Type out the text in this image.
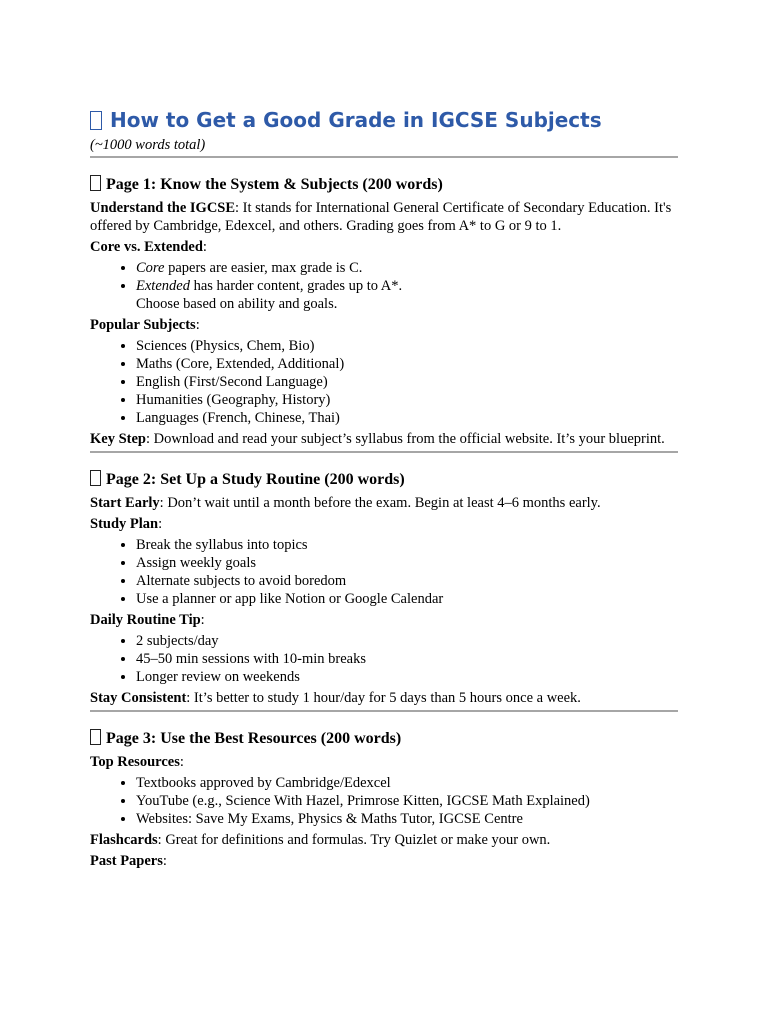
How to Get a Good Grade in IGCSE Subjects

(~1000 words total)

Page 1: Know the System & Subjects (200 words)

Understand the IGCSE: It stands for International General Certificate of Secondary Education. It's offered by Cambridge, Edexcel, and others. Grading goes from A* to G or 9 to 1.

Core vs. Extended:

• Core papers are easier, max grade is C.
• Extended has harder content, grades up to A*.
Choose based on ability and goals.

Popular Subjects:

• Sciences (Physics, Chem, Bio)
• Maths (Core, Extended, Additional)
• English (First/Second Language)
• Humanities (Geography, History)
• Languages (French, Chinese, Thai)

Key Step: Download and read your subject’s syllabus from the official website. It’s your blueprint.

Page 2: Set Up a Study Routine (200 words)

Start Early: Don’t wait until a month before the exam. Begin at least 4–6 months early.

Study Plan:

• Break the syllabus into topics
• Assign weekly goals
• Alternate subjects to avoid boredom
• Use a planner or app like Notion or Google Calendar

Daily Routine Tip:

• 2 subjects/day
• 45–50 min sessions with 10-min breaks
• Longer review on weekends

Stay Consistent: It’s better to study 1 hour/day for 5 days than 5 hours once a week.

Page 3: Use the Best Resources (200 words)

Top Resources:

• Textbooks approved by Cambridge/Edexcel
• YouTube (e.g., Science With Hazel, Primrose Kitten, IGCSE Math Explained)
• Websites: Save My Exams, Physics & Maths Tutor, IGCSE Centre

Flashcards: Great for definitions and formulas. Try Quizlet or make your own.

Past Papers:
